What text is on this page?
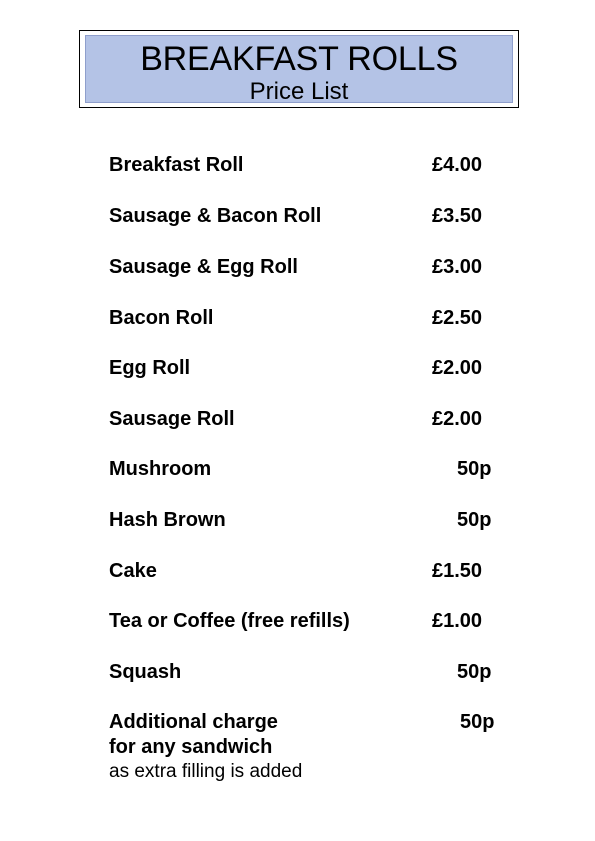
BREAKFAST ROLLS
Price List
Breakfast Roll	£4.00
Sausage & Bacon Roll	£3.50
Sausage & Egg Roll	£3.00
Bacon Roll	£2.50
Egg Roll	£2.00
Sausage Roll	£2.00
Mushroom	50p
Hash Brown	50p
Cake	£1.50
Tea or Coffee (free refills)	£1.00
Squash	50p
Additional charge	50p
for any sandwich
as extra filling is added
